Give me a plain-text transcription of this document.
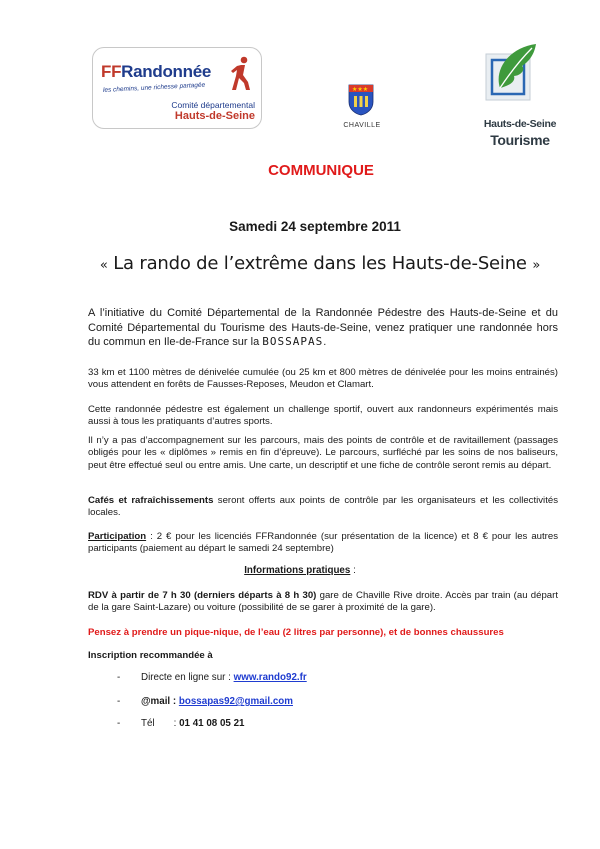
FFRandonnée
les chemins, une richesse partagée
Comité départemental
Hauts-de-Seine
★★★
CHAVILLE	Hauts-de-Seine
Tourisme
COMMUNIQUE
Samedi 24 septembre 2011
« La rando de l’extrême dans les Hauts-de-Seine »
A l’initiative du Comité Départemental de la Randonnée Pédestre des Hauts-de-Seine et du Comité Départemental du Tourisme des Hauts-de-Seine, venez pratiquer une randonnée hors du commun en Ile-de-France sur la BOSSAPAS.
33 km et 1100 mètres de dénivelée cumulée (ou 25 km et 800 mètres de dénivelée pour les moins entrainés) vous attendent en forêts de Fausses-Reposes, Meudon et Clamart.
Cette randonnée pédestre est également un challenge sportif, ouvert aux randonneurs expérimentés mais aussi à tous les pratiquants d’autres sports.
Il n’y a pas d’accompagnement sur les parcours, mais des points de contrôle et de ravitaillement (passages obligés pour les « diplômes » remis en fin d’épreuve). Le parcours, surfléché par les soins de nos baliseurs, peut être effectué seul ou entre amis. Une carte, un descriptif et une fiche de contrôle seront remis au départ.
Cafés et rafraîchissements seront offerts aux points de contrôle par les organisateurs et les collectivités locales.
Participation : 2 € pour les licenciés FFRandonnée (sur présentation de la licence) et 8 € pour les autres participants (paiement au départ le samedi 24 septembre)
Informations pratiques :
RDV à partir de 7 h 30 (derniers départs à 8 h 30) gare de Chaville Rive droite. Accès par train (au départ de la gare Saint-Lazare) ou voiture (possibilité de se garer à proximité de la gare).
Pensez à prendre un pique-nique, de l’eau (2 litres par personne), et de bonnes chaussures
Inscription recommandée à
- Directe en ligne sur : www.rando92.fr
- @mail : bossapas92@gmail.com
- Tél       : 01 41 08 05 21
